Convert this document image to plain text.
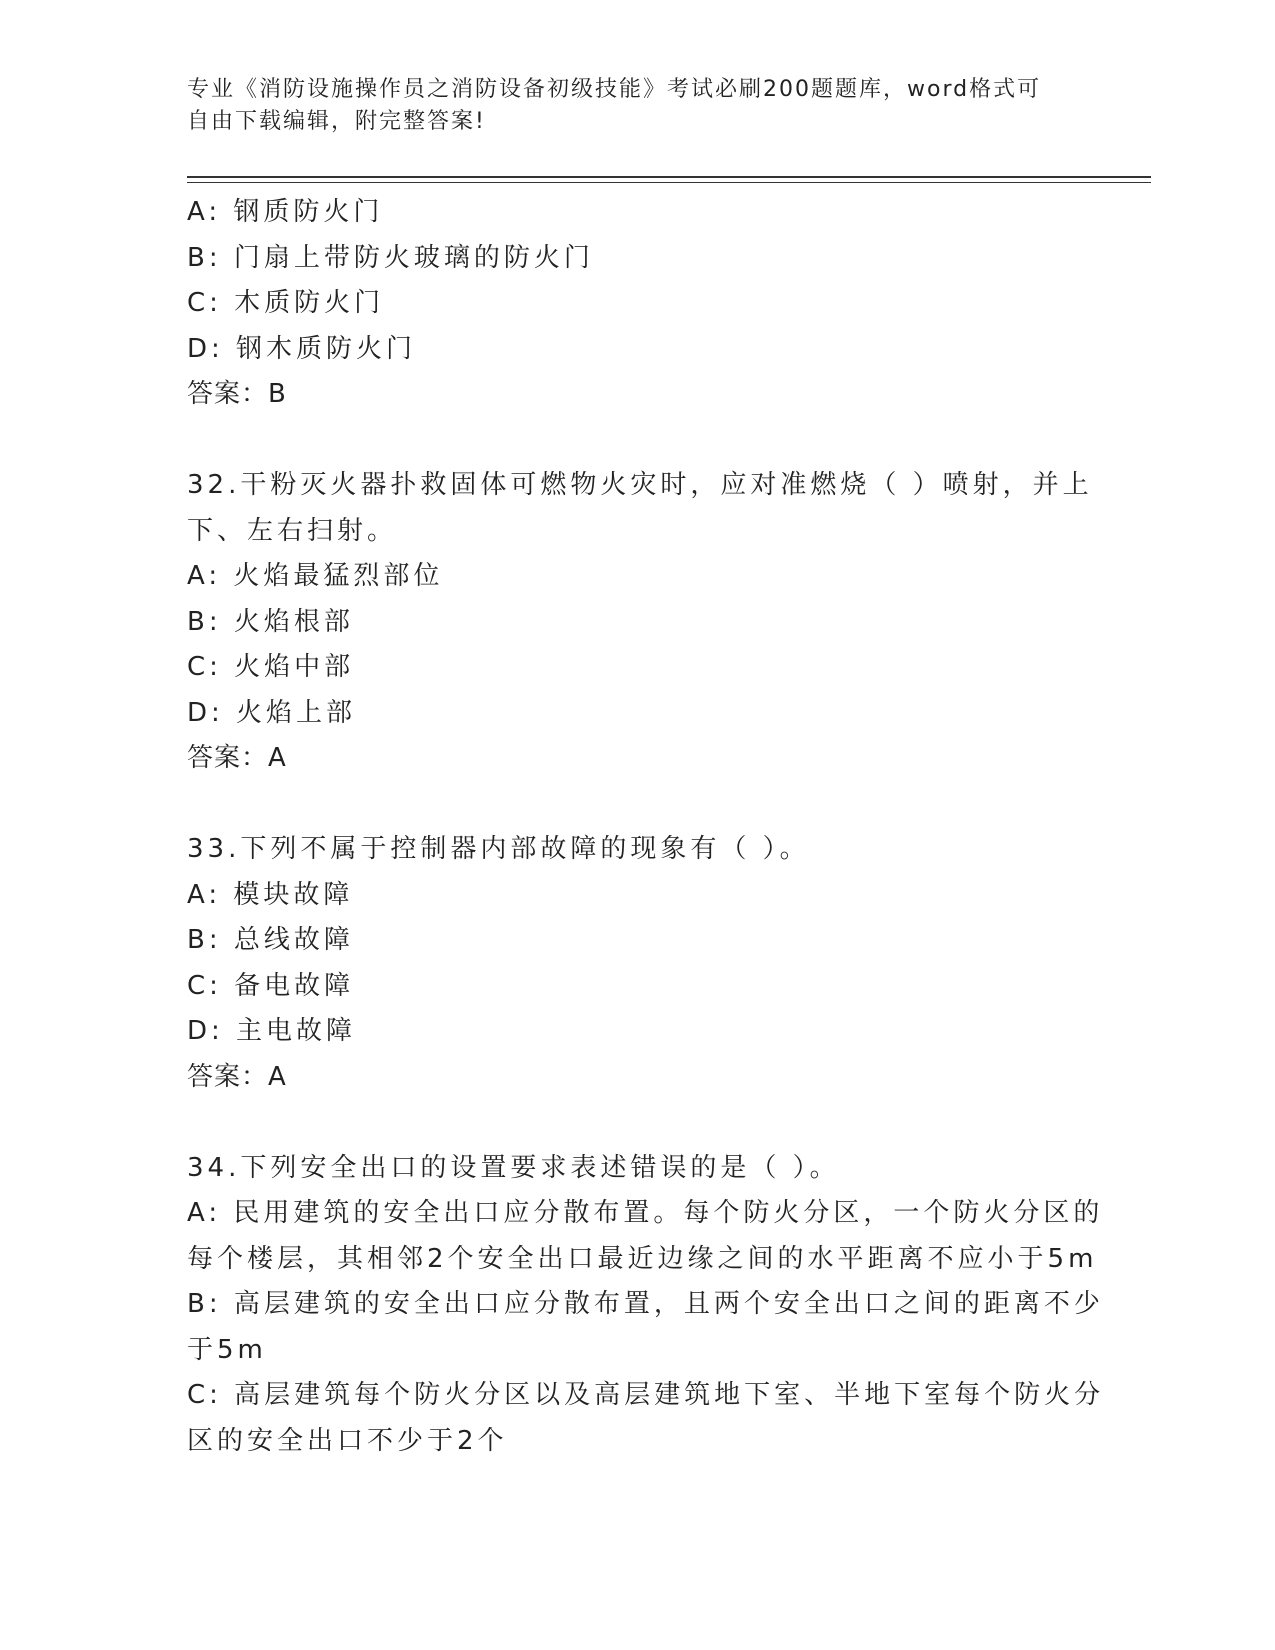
专业《消防设施操作员之消防设备初级技能》考试必刷200题题库，word格式可
自由下载编辑，附完整答案!
A: 钢质防火门
B: 门扇上带防火玻璃的防火门
C: 木质防火门
D: 钢木质防火门
答案：B
32.干粉灭火器扑救固体可燃物火灾时，应对准燃烧（ ）喷射，并上
下、左右扫射。
A: 火焰最猛烈部位
B: 火焰根部
C: 火焰中部
D: 火焰上部
答案：A
33.下列不属于控制器内部故障的现象有（ ）。
A: 模块故障
B: 总线故障
C: 备电故障
D: 主电故障
答案：A
34.下列安全出口的设置要求表述错误的是（ ）。
A: 民用建筑的安全出口应分散布置。每个防火分区，一个防火分区的
每个楼层，其相邻2个安全出口最近边缘之间的水平距离不应小于5m
B: 高层建筑的安全出口应分散布置，且两个安全出口之间的距离不少
于5m
C: 高层建筑每个防火分区以及高层建筑地下室、半地下室每个防火分
区的安全出口不少于2个
